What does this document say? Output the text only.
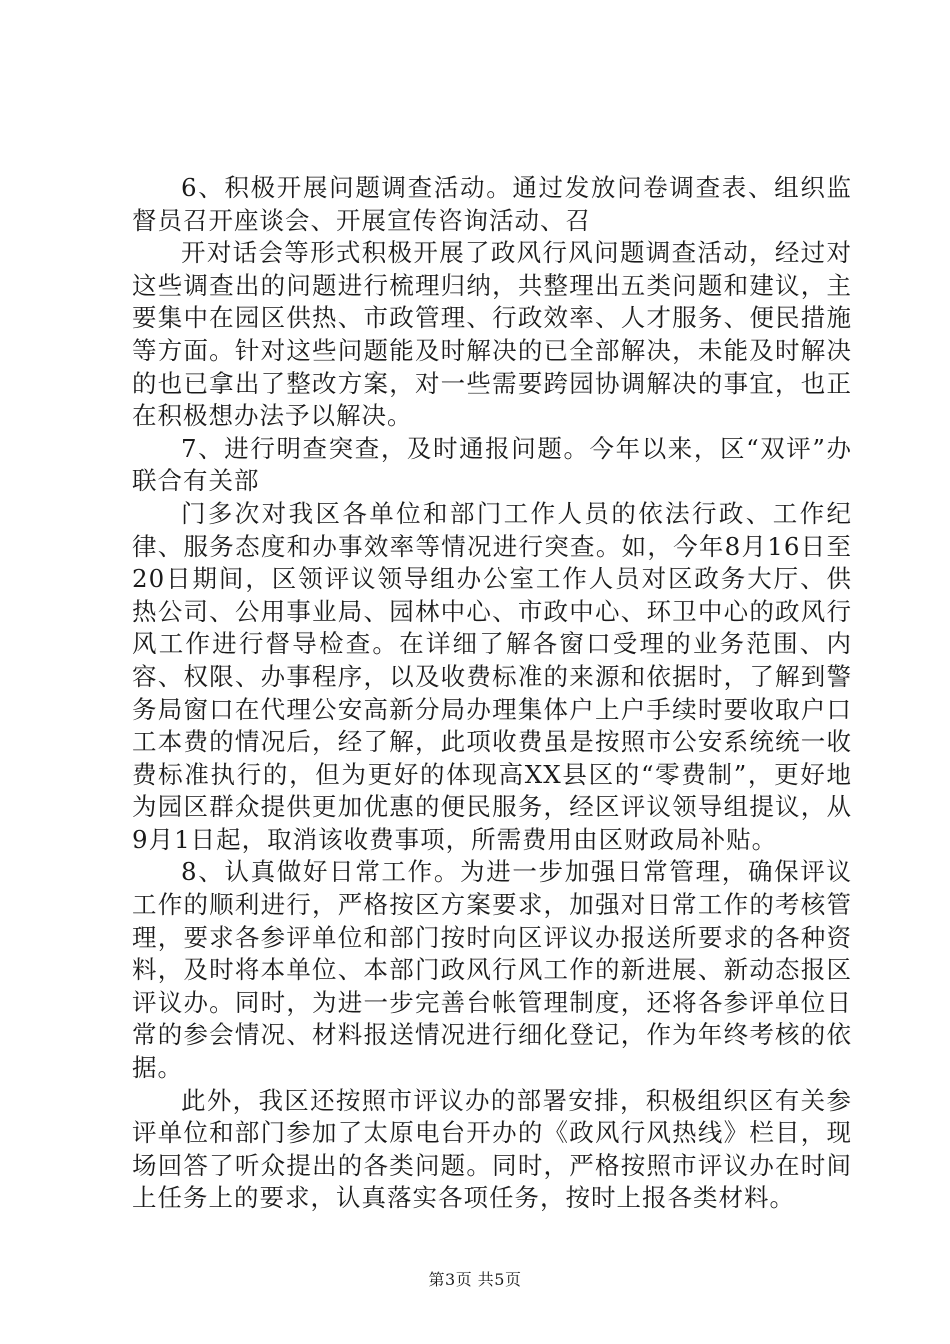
6、积极开展问题调查活动。通过发放问卷调查表、组织监督员召开座谈会、开展宣传咨询活动、召

开对话会等形式积极开展了政风行风问题调查活动，经过对这些调查出的问题进行梳理归纳，共整理出五类问题和建议，主要集中在园区供热、市政管理、行政效率、人才服务、便民措施等方面。针对这些问题能及时解决的已全部解决，未能及时解决的也已拿出了整改方案，对一些需要跨园协调解决的事宜，也正在积极想办法予以解决。

7、进行明查突查，及时通报问题。今年以来，区“双评”办联合有关部

门多次对我区各单位和部门工作人员的依法行政、工作纪律、服务态度和办事效率等情况进行突查。如，今年8月16日至20日期间，区领评议领导组办公室工作人员对区政务大厅、供热公司、公用事业局、园林中心、市政中心、环卫中心的政风行风工作进行督导检查。在详细了解各窗口受理的业务范围、内容、权限、办事程序，以及收费标准的来源和依据时，了解到警务局窗口在代理公安高新分局办理集体户上户手续时要收取户口工本费的情况后，经了解，此项收费虽是按照市公安系统统一收费标准执行的，但为更好的体现高XX县区的“零费制”，更好地为园区群众提供更加优惠的便民服务，经区评议领导组提议，从9月1日起，取消该收费事项，所需费用由区财政局补贴。

8、认真做好日常工作。为进一步加强日常管理，确保评议工作的顺利进行，严格按区方案要求，加强对日常工作的考核管理，要求各参评单位和部门按时向区评议办报送所要求的各种资料，及时将本单位、本部门政风行风工作的新进展、新动态报区评议办。同时，为进一步完善台帐管理制度，还将各参评单位日常的参会情况、材料报送情况进行细化登记，作为年终考核的依据。

此外，我区还按照市评议办的部署安排，积极组织区有关参评单位和部门参加了太原电台开办的《政风行风热线》栏目，现场回答了听众提出的各类问题。同时，严格按照市评议办在时间上任务上的要求，认真落实各项任务，按时上报各类材料。

第3页 共5页
